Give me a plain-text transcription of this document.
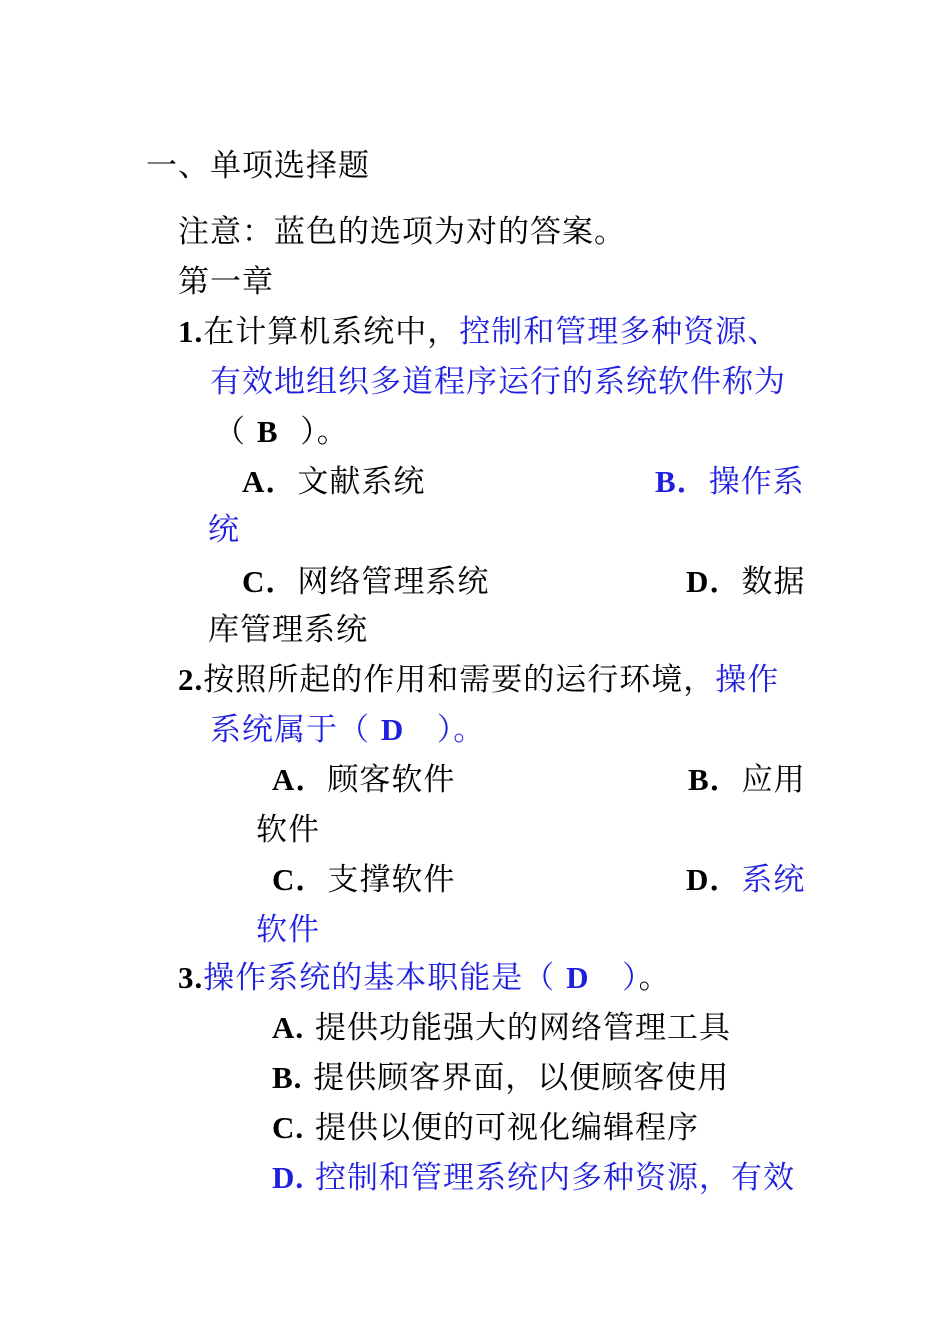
一、单项选择题
注意：蓝色的选项为对的答案。
第一章
1.在计算机系统中，控制和管理多种资源、
有效地组织多道程序运行的系统软件称为
（ B ）。
A．文献系统	B．操作系
统
C．网络管理系统	D．数据
库管理系统
2.按照所起的作用和需要的运行环境，操作
系统属于（ D ）。
A．顾客软件	B．应用
软件
C．支撑软件	D．系统
软件
3.操作系统的基本职能是（ D ）。
A. 提供功能强大的网络管理工具
B. 提供顾客界面，以便顾客使用
C. 提供以便的可视化编辑程序
D. 控制和管理系统内多种资源，有效
